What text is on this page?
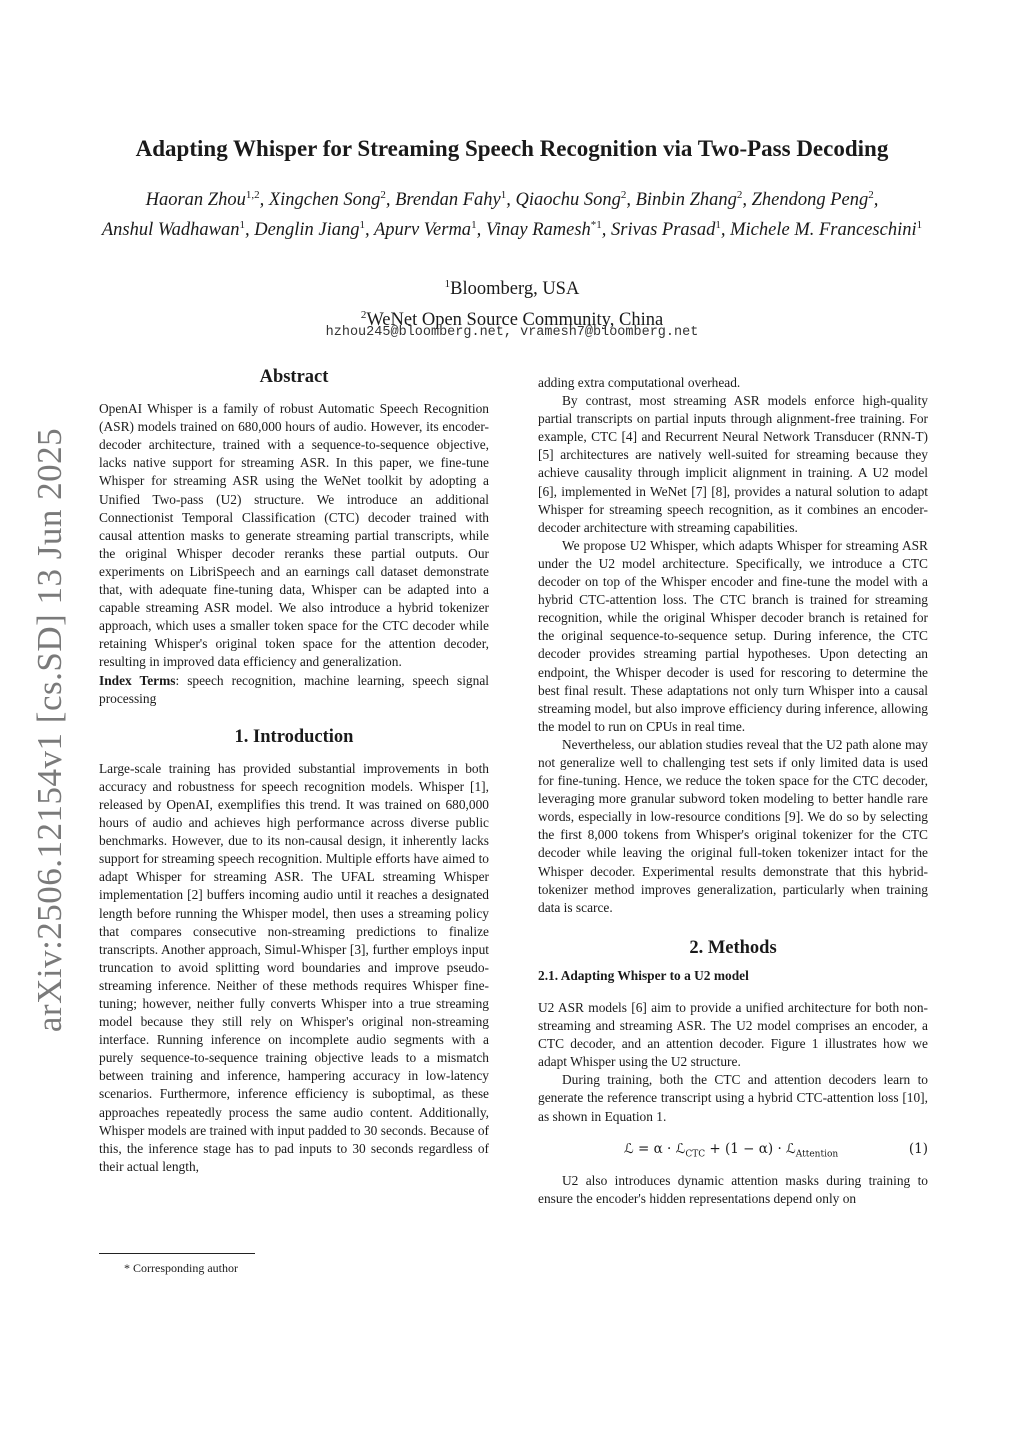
arXiv:2506.12154v1 [cs.SD] 13 Jun 2025
Adapting Whisper for Streaming Speech Recognition via Two-Pass Decoding
Haoran Zhou$^{1,2}$, Xingchen Song$^2$, Brendan Fahy$^1$, Qiaochu Song$^2$, Binbin Zhang$^2$, Zhendong Peng$^2$,
Anshul Wadhawan$^1$, Denglin Jiang$^1$, Apurv Verma$^1$, Vinay Ramesh$^{*1}$, Srivas Prasad$^1$, Michele M. Franceschini$^1$
$^1$Bloomberg, USA
$^2$WeNet Open Source Community, China
hzhou245@bloomberg.net, vramesh7@bloomberg.net
Abstract

OpenAI Whisper is a family of robust Automatic Speech Recognition (ASR) models trained on 680,000 hours of audio. However, its encoder-decoder architecture, trained with a sequence-to-sequence objective, lacks native support for streaming ASR. In this paper, we fine-tune Whisper for streaming ASR using the WeNet toolkit by adopting a Unified Two-pass (U2) structure. We introduce an additional Connectionist Temporal Classification (CTC) decoder trained with causal attention masks to generate streaming partial transcripts, while the original Whisper decoder reranks these partial outputs. Our experiments on LibriSpeech and an earnings call dataset demonstrate that, with adequate fine-tuning data, Whisper can be adapted into a capable streaming ASR model. We also introduce a hybrid tokenizer approach, which uses a smaller token space for the CTC decoder while retaining Whisper's original token space for the attention decoder, resulting in improved data efficiency and generalization.

Index Terms: speech recognition, machine learning, speech signal processing

1. Introduction

Large-scale training has provided substantial improvements in both accuracy and robustness for speech recognition models. Whisper [1], released by OpenAI, exemplifies this trend. It was trained on 680,000 hours of audio and achieves high performance across diverse public benchmarks. However, due to its non-causal design, it inherently lacks support for streaming speech recognition. Multiple efforts have aimed to adapt Whisper for streaming ASR. The UFAL streaming Whisper implementation [2] buffers incoming audio until it reaches a designated length before running the Whisper model, then uses a streaming policy that compares consecutive non-streaming predictions to finalize transcripts. Another approach, Simul-Whisper [3], further employs input truncation to avoid splitting word boundaries and improve pseudo-streaming inference. Neither of these methods requires Whisper fine-tuning; however, neither fully converts Whisper into a true streaming model because they still rely on Whisper's original non-streaming interface. Running inference on incomplete audio segments with a purely sequence-to-sequence training objective leads to a mismatch between training and inference, hampering accuracy in low-latency scenarios. Furthermore, inference efficiency is suboptimal, as these approaches repeatedly process the same audio content. Additionally, Whisper models are trained with input padded to 30 seconds. Because of this, the inference stage has to pad inputs to 30 seconds regardless of their actual length,

* Corresponding author

adding extra computational overhead.

By contrast, most streaming ASR models enforce high-quality partial transcripts on partial inputs through alignment-free training. For example, CTC [4] and Recurrent Neural Network Transducer (RNN-T) [5] architectures are natively well-suited for streaming because they achieve causality through implicit alignment in training. A U2 model [6], implemented in WeNet [7] [8], provides a natural solution to adapt Whisper for streaming speech recognition, as it combines an encoder-decoder architecture with streaming capabilities.

We propose U2 Whisper, which adapts Whisper for streaming ASR under the U2 model architecture. Specifically, we introduce a CTC decoder on top of the Whisper encoder and fine-tune the model with a hybrid CTC-attention loss. The CTC branch is trained for streaming recognition, while the original Whisper decoder branch is retained for the original sequence-to-sequence setup. During inference, the CTC decoder provides streaming partial hypotheses. Upon detecting an endpoint, the Whisper decoder is used for rescoring to determine the best final result. These adaptations not only turn Whisper into a causal streaming model, but also improve efficiency during inference, allowing the model to run on CPUs in real time.

Nevertheless, our ablation studies reveal that the U2 path alone may not generalize well to challenging test sets if only limited data is used for fine-tuning. Hence, we reduce the token space for the CTC decoder, leveraging more granular subword token modeling to better handle rare words, especially in low-resource conditions [9]. We do so by selecting the first 8,000 tokens from Whisper's original tokenizer for the CTC decoder while leaving the original full-token tokenizer intact for the Whisper decoder. Experimental results demonstrate that this hybrid-tokenizer method improves generalization, particularly when training data is scarce.

2. Methods
2.1. Adapting Whisper to a U2 model

U2 ASR models [6] aim to provide a unified architecture for both non-streaming and streaming ASR. The U2 model comprises an encoder, a CTC decoder, and an attention decoder. Figure 1 illustrates how we adapt Whisper using the U2 structure.

During training, both the CTC and attention decoders learn to generate the reference transcript using a hybrid CTC-attention loss [10], as shown in Equation 1.

ℒ = α · ℒ$_{CTC}$ + (1 − α) · ℒ$_{Attention}$	(1)

U2 also introduces dynamic attention masks during training to ensure the encoder's hidden representations depend only on
